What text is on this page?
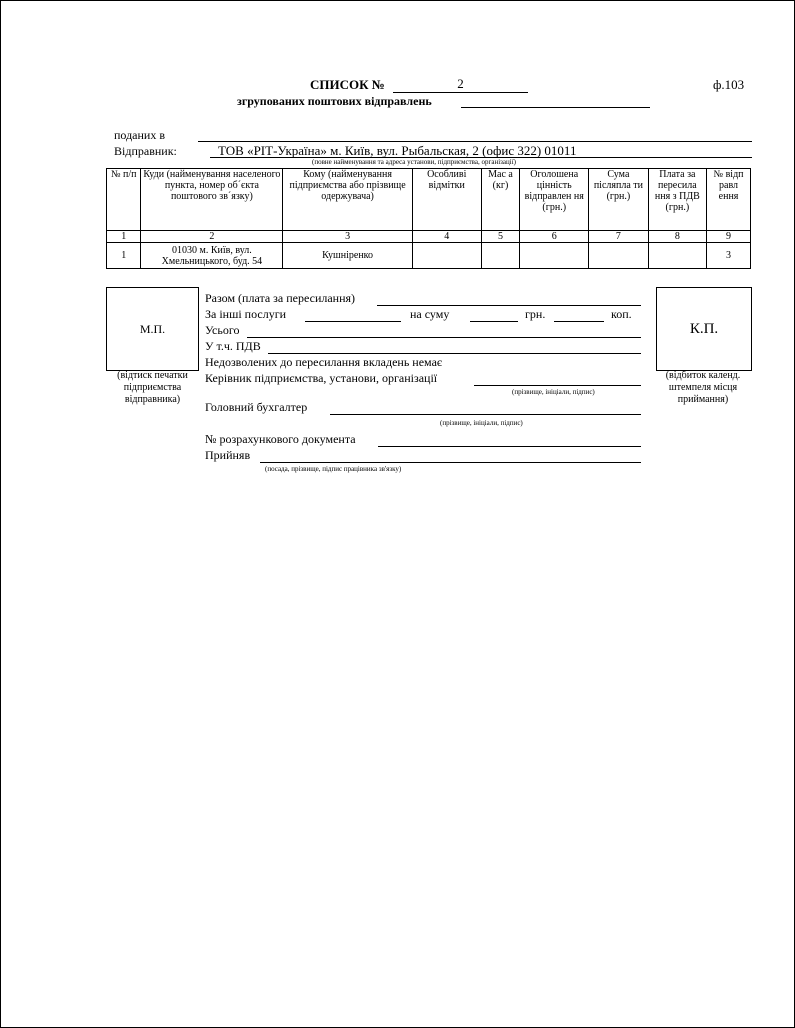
СПИСОК №	2	ф.103
згрупованих поштових відправлень
поданих в
Відправник:	ТОВ «РІТ-Україна» м. Київ, вул. Рыбальская, 2 (офис 322) 01011
(повне найменування та адреса установи, підприємства, організації)
№ п/п	Куди (найменування населеного пункта, номер об´єкта поштового зв´язку)	Кому (найменування підприємства або прізвище одержувача)	Особливі відмітки	Мас а (кг)	Оголошена цінність відправлен ня (грн.)	Сума післяпла ти (грн.)	Плата за пересила ння з ПДВ (грн.)	№ відп равл ення
1	2	3	4	5	6	7	8	9
1	01030 м. Київ, вул. Хмельницького, буд. 54	Кушніренко						3
М.П.
(відтиск печатки підприємства відправника)
К.П.
(відбиток календ. штемпеля місця приймання)
Разом (плата за пересилання)
За інші послуги	на суму	грн.	коп.
Усього
У т.ч. ПДВ
Недозволених до пересилання вкладень немає
Керівник підприємства, установи, організації
(прізвище, ініціали, підпис)
Головний бухгалтер
(прізвище, ініціали, підпис)
№ розрахункового документа
Прийняв
(посада, прізвище, підпис працівника зв'язку)
